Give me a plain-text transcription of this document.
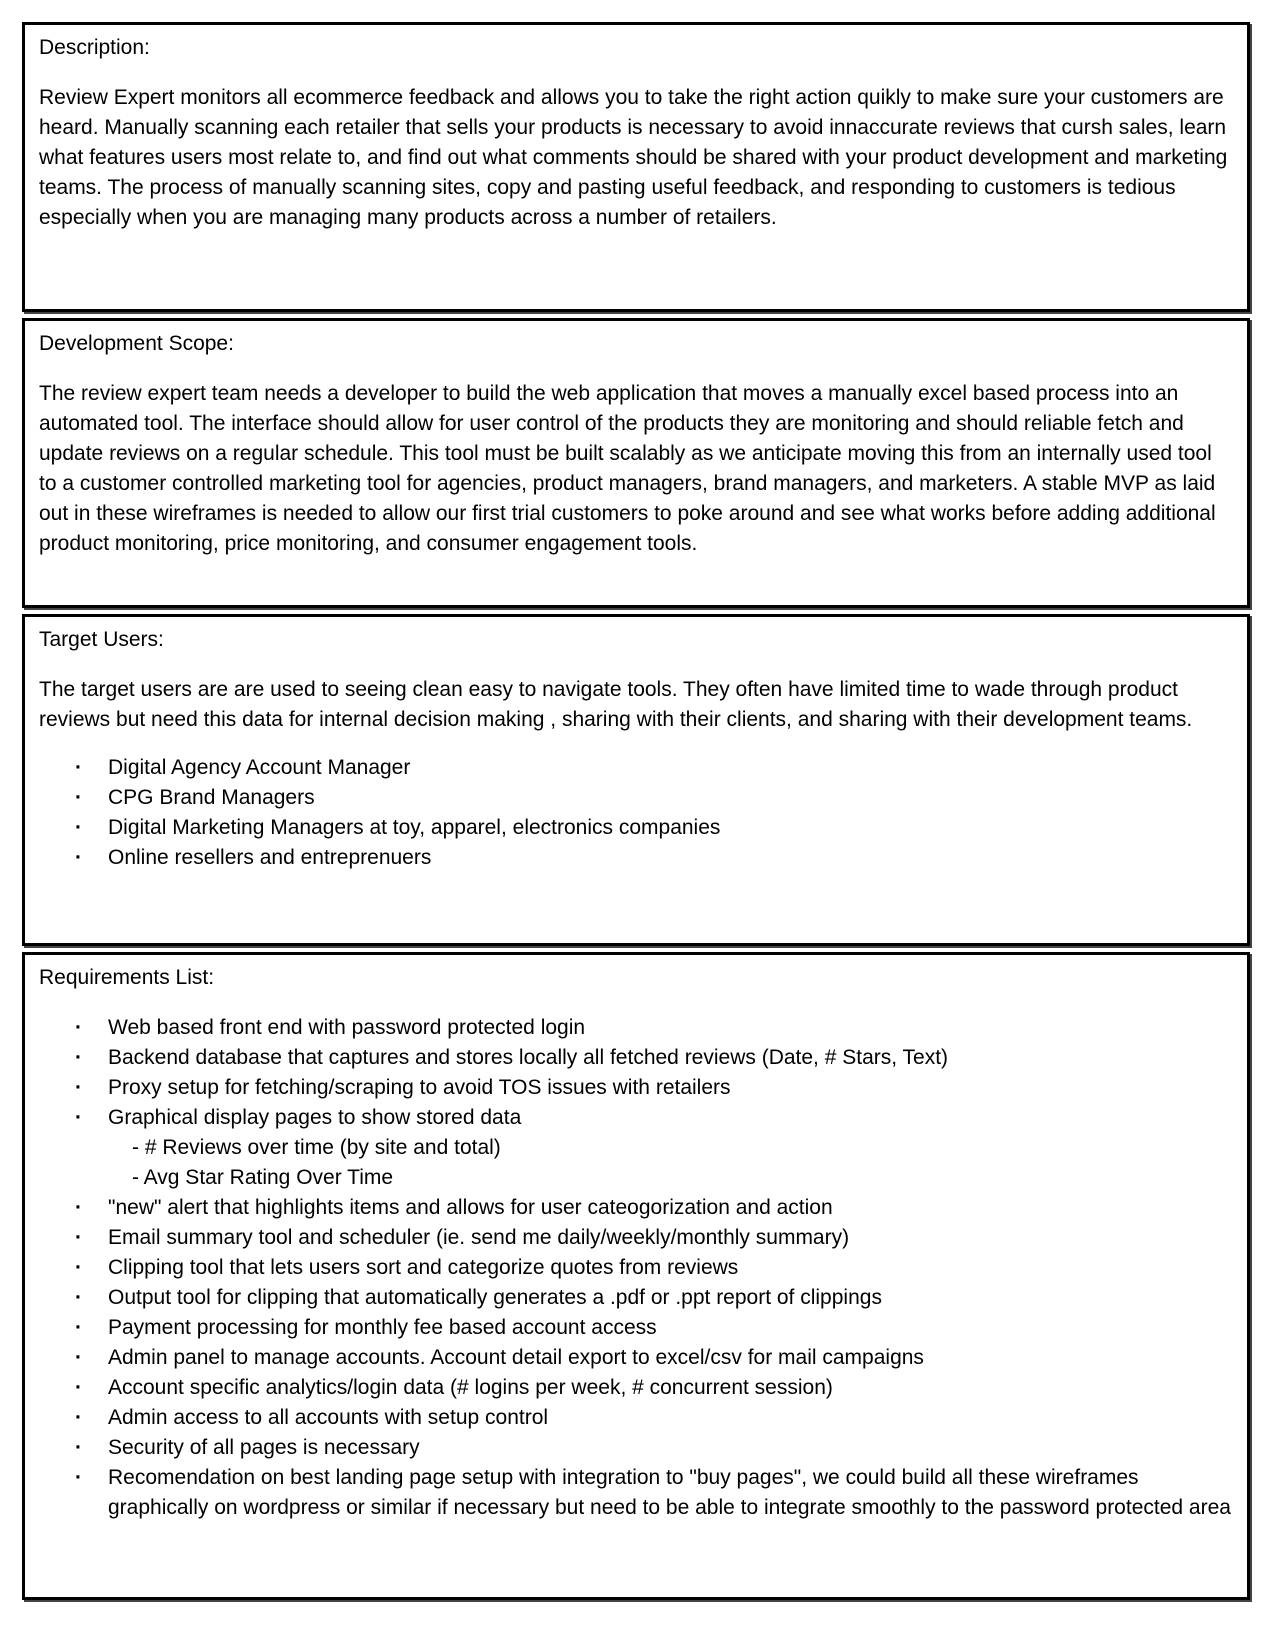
Description:

Review Expert monitors all ecommerce feedback and allows you to take the right action quikly to make sure your customers are heard. Manually scanning each retailer that sells your products is necessary to avoid innaccurate reviews that cursh sales, learn what features users most relate to, and find out what comments should be shared with your product development and marketing teams. The process of manually scanning sites, copy and pasting useful feedback, and responding to customers is tedious especially when you are managing many products across a number of retailers.

Development Scope:

The review expert team needs a developer to build the web application that moves a manually excel based process into an automated tool. The interface should allow for user control of the products they are monitoring and should reliable fetch and update reviews on a regular schedule. This tool must be built scalably as we anticipate moving this from an internally used tool to a customer controlled marketing tool for agencies, product managers, brand managers, and marketers. A stable MVP as laid out in these wireframes is needed to allow our first trial customers to poke around and see what works before adding additional product monitoring, price monitoring, and consumer engagement tools.

Target Users:

The target users are are used to seeing clean easy to navigate tools. They often have limited time to wade through product reviews but need this data for internal decision making , sharing with their clients, and sharing with their development teams.

· Digital Agency Account Manager
· CPG Brand Managers
· Digital Marketing Managers at toy, apparel, electronics companies
· Online resellers and entreprenuers
Requirements List:
· Web based front end with password protected login
· Backend database that captures and stores locally all fetched reviews (Date, # Stars, Text)
· Proxy setup for fetching/scraping to avoid TOS issues with retailers
· Graphical display pages to show stored data
- # Reviews over time (by site and total)
- Avg Star Rating Over Time
· "new" alert that highlights items and allows for user cateogorization and action
· Email summary tool and scheduler (ie. send me daily/weekly/monthly summary)
· Clipping tool that lets users sort and categorize quotes from reviews
· Output tool for clipping that automatically generates a .pdf or .ppt report of clippings
· Payment processing for monthly fee based account access
· Admin panel to manage accounts. Account detail export to excel/csv for mail campaigns
· Account specific analytics/login data (# logins per week, # concurrent session)
· Admin access to all accounts with setup control
· Security of all pages is necessary
· Recomendation on best landing page setup with integration to "buy pages", we could build all these wireframes graphically on wordpress or similar if necessary but need to be able to integrate smoothly to the password protected area
